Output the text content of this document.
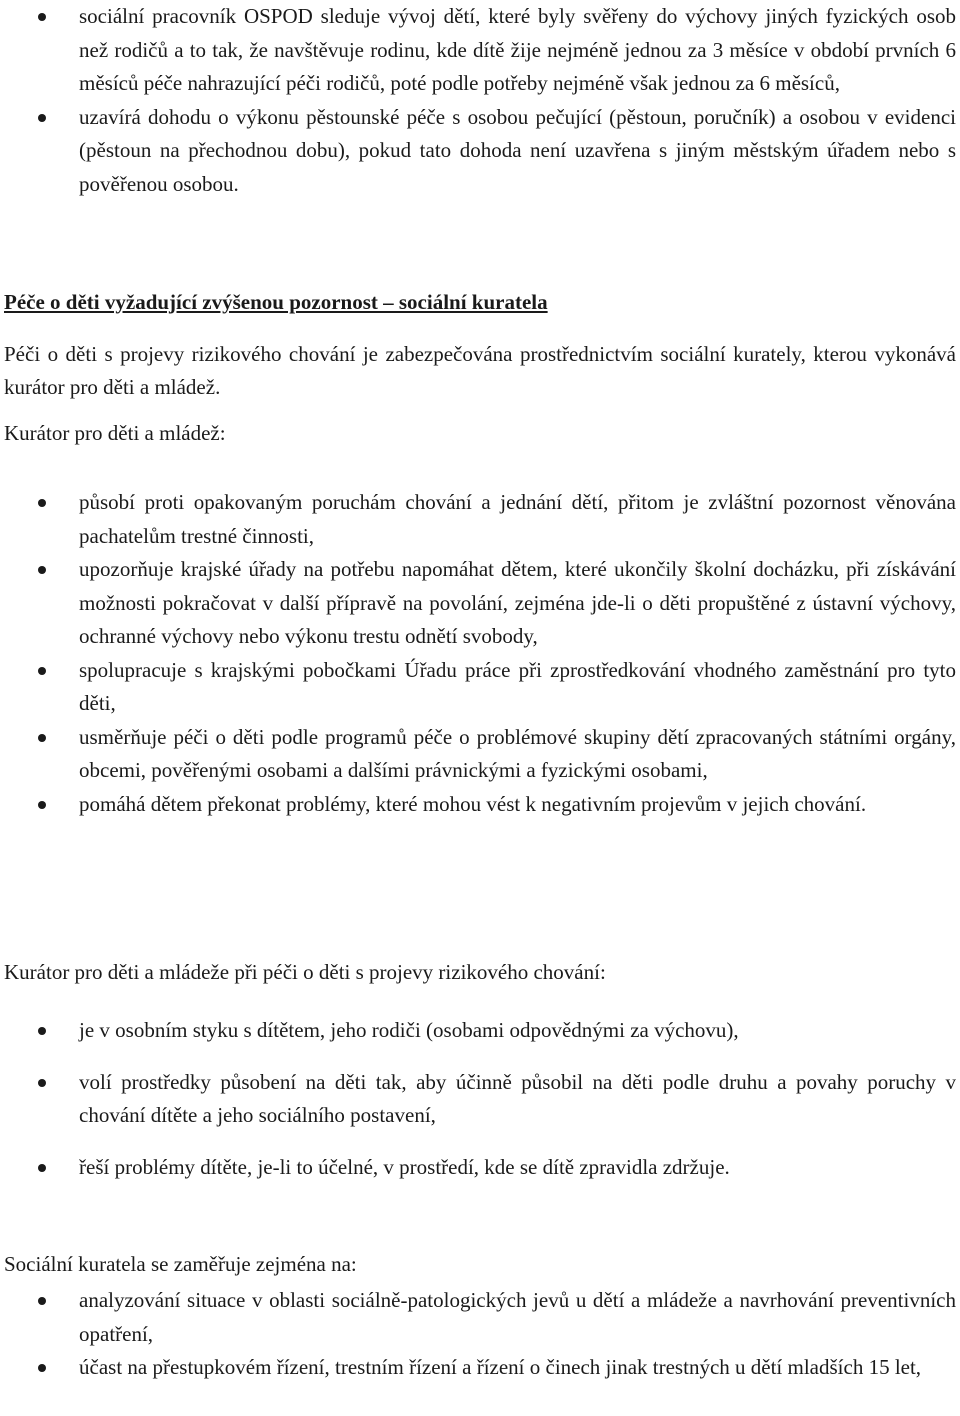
sociální pracovník OSPOD sleduje vývoj dětí, které byly svěřeny do výchovy jiných fyzických osob než rodičů a to tak, že navštěvuje rodinu, kde dítě žije nejméně jednou za 3 měsíce v období prvních 6 měsíců péče nahrazující péči rodičů, poté podle potřeby nejméně však jednou za 6 měsíců,
uzavírá dohodu o výkonu pěstounské péče s osobou pečující (pěstoun, poručník) a osobou v evidenci (pěstoun na přechodnou dobu), pokud tato dohoda není uzavřena s jiným městským úřadem nebo s pověřenou osobou.

Péče o děti vyžadující zvýšenou pozornost – sociální kuratela

Péči o děti s projevy rizikového chování je zabezpečována prostřednictvím sociální kurately, kterou vykonává kurátor pro děti a mládež.

Kurátor pro děti a mládež:

působí proti opakovaným poruchám chování a jednání dětí, přitom je zvláštní pozornost věnována pachatelům trestné činnosti,
upozorňuje krajské úřady na potřebu napomáhat dětem, které ukončily školní docházku, při získávání možnosti pokračovat v další přípravě na povolání, zejména jde-li o děti propuštěné z ústavní výchovy, ochranné výchovy nebo výkonu trestu odnětí svobody,
spolupracuje s krajskými pobočkami Úřadu práce při zprostředkování vhodného zaměstnání pro tyto děti,
usměrňuje péči o děti podle programů péče o problémové skupiny dětí zpracovaných státními orgány, obcemi, pověřenými osobami a dalšími právnickými a fyzickými osobami,
pomáhá dětem překonat problémy, které mohou vést k negativním projevům v jejich chování.

Kurátor pro děti a mládeže při péči o děti s projevy rizikového chování:

je v osobním styku s dítětem, jeho rodiči (osobami odpovědnými za výchovu),
volí prostředky působení na děti tak, aby účinně působil na děti podle druhu a povahy poruchy v chování dítěte a jeho sociálního postavení,
řeší problémy dítěte, je-li to účelné, v prostředí, kde se dítě zpravidla zdržuje.

Sociální kuratela se zaměřuje zejména na:

analyzování situace v oblasti sociálně-patologických jevů u dětí a mládeže a navrhování preventivních opatření,
účast na přestupkovém řízení, trestním řízení a řízení o činech jinak trestných u dětí mladších 15 let,
